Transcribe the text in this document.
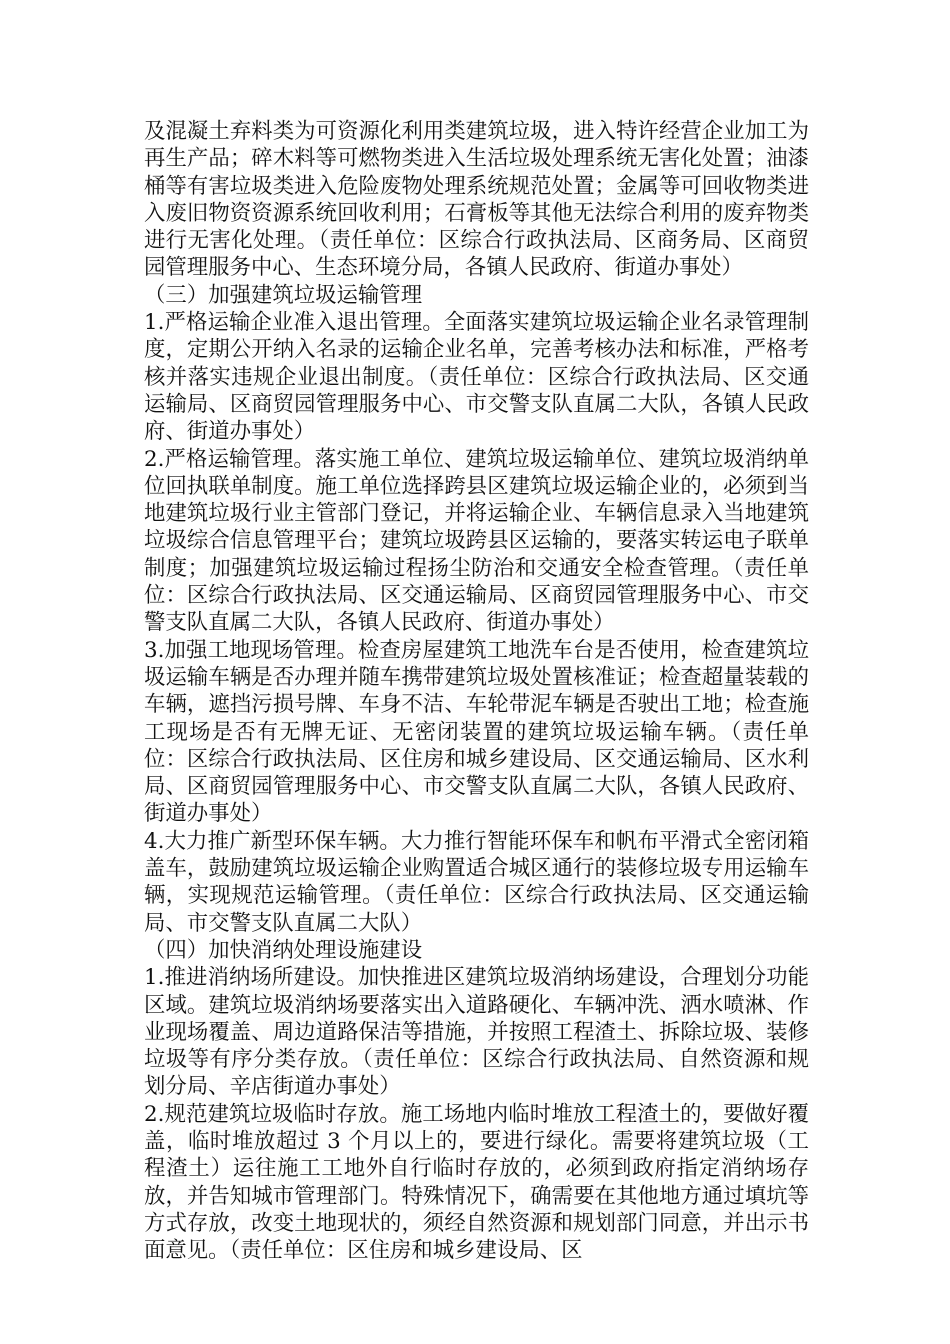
及混凝土弃料类为可资源化利用类建筑垃圾，进入特许经营企业加工为再生产品；碎木料等可燃物类进入生活垃圾处理系统无害化处置；油漆桶等有害垃圾类进入危险废物处理系统规范处置；金属等可回收物类进入废旧物资资源系统回收利用；石膏板等其他无法综合利用的废弃物类进行无害化处理。（责任单位：区综合行政执法局、区商务局、区商贸园管理服务中心、生态环境分局，各镇人民政府、街道办事处）

（三）加强建筑垃圾运输管理

1.严格运输企业准入退出管理。全面落实建筑垃圾运输企业名录管理制度，定期公开纳入名录的运输企业名单，完善考核办法和标准，严格考核并落实违规企业退出制度。（责任单位：区综合行政执法局、区交通运输局、区商贸园管理服务中心、市交警支队直属二大队，各镇人民政府、街道办事处）

2.严格运输管理。落实施工单位、建筑垃圾运输单位、建筑垃圾消纳单位回执联单制度。施工单位选择跨县区建筑垃圾运输企业的，必须到当地建筑垃圾行业主管部门登记，并将运输企业、车辆信息录入当地建筑垃圾综合信息管理平台；建筑垃圾跨县区运输的，要落实转运电子联单制度；加强建筑垃圾运输过程扬尘防治和交通安全检查管理。（责任单位：区综合行政执法局、区交通运输局、区商贸园管理服务中心、市交警支队直属二大队，各镇人民政府、街道办事处）

3.加强工地现场管理。检查房屋建筑工地洗车台是否使用，检查建筑垃圾运输车辆是否办理并随车携带建筑垃圾处置核准证；检查超量装载的车辆，遮挡污损号牌、车身不洁、车轮带泥车辆是否驶出工地；检查施工现场是否有无牌无证、无密闭装置的建筑垃圾运输车辆。（责任单位：区综合行政执法局、区住房和城乡建设局、区交通运输局、区水利局、区商贸园管理服务中心、市交警支队直属二大队，各镇人民政府、街道办事处）

4.大力推广新型环保车辆。大力推行智能环保车和帆布平滑式全密闭箱盖车，鼓励建筑垃圾运输企业购置适合城区通行的装修垃圾专用运输车辆，实现规范运输管理。（责任单位：区综合行政执法局、区交通运输局、市交警支队直属二大队）

（四）加快消纳处理设施建设

1.推进消纳场所建设。加快推进区建筑垃圾消纳场建设，合理划分功能区域。建筑垃圾消纳场要落实出入道路硬化、车辆冲洗、洒水喷淋、作业现场覆盖、周边道路保洁等措施，并按照工程渣土、拆除垃圾、装修垃圾等有序分类存放。（责任单位：区综合行政执法局、自然资源和规划分局、辛店街道办事处）

2.规范建筑垃圾临时存放。施工场地内临时堆放工程渣土的，要做好覆盖，临时堆放超过 3 个月以上的，要进行绿化。需要将建筑垃圾（工程渣土）运往施工工地外自行临时存放的，必须到政府指定消纳场存放，并告知城市管理部门。特殊情况下，确需要在其他地方通过填坑等方式存放，改变土地现状的，须经自然资源和规划部门同意，并出示书面意见。（责任单位：区住房和城乡建设局、区
